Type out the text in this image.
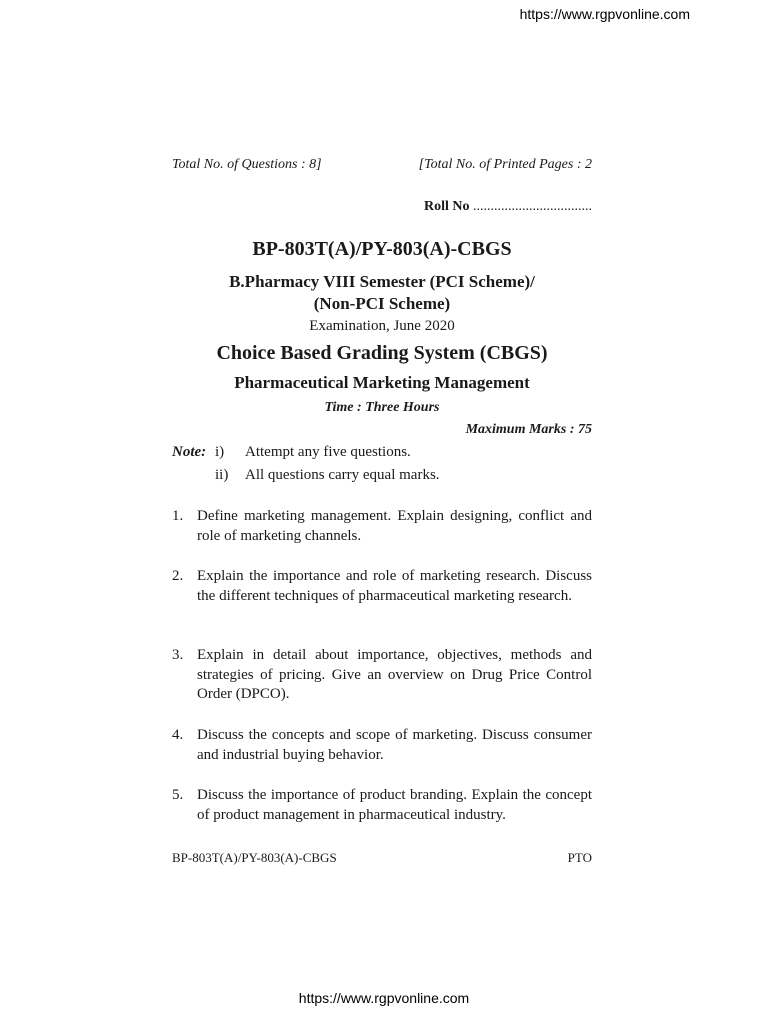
https://www.rgpvonline.com
Total No. of Questions : 8]	[Total No. of Printed Pages : 2
Roll No ..................................
BP-803T(A)/PY-803(A)-CBGS
B.Pharmacy VIII Semester (PCI Scheme)/
(Non-PCI Scheme)
Examination, June 2020
Choice Based Grading System (CBGS)
Pharmaceutical Marketing Management
Time : Three Hours
Maximum Marks : 75
Note: i) Attempt any five questions.
ii) All questions carry equal marks.
1. Define marketing management. Explain designing, conflict and role of marketing channels.
2. Explain the importance and role of marketing research. Discuss the different techniques of pharmaceutical marketing research.
3. Explain in detail about importance, objectives, methods and strategies of pricing. Give an overview on Drug Price Control Order (DPCO).
4. Discuss the concepts and scope of marketing. Discuss consumer and industrial buying behavior.
5. Discuss the importance of product branding. Explain the concept of product management in pharmaceutical industry.
BP-803T(A)/PY-803(A)-CBGS	PTO
https://www.rgpvonline.com
